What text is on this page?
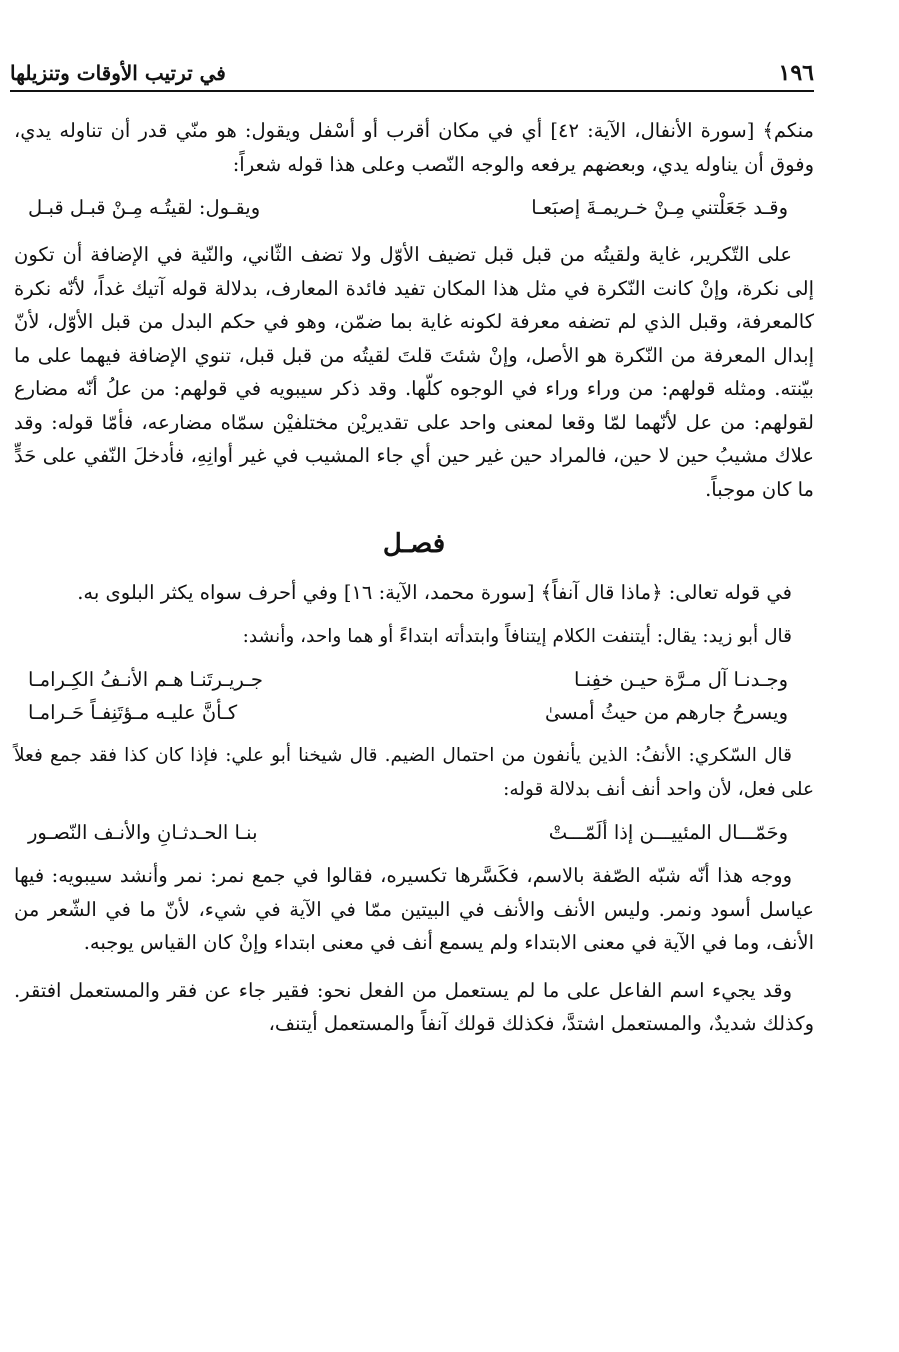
١٩٦
في ترتيب الأوقات وتنزيلها

منكم﴾ [سورة الأنفال، الآية: ٤٢] أي في مكان أقرب أو أسْفل ويقول: هو منّي قدر أن تناوله يدي، وفوق أن يناوله يدي، وبعضهم يرفعه والوجه النّصب وعلى هذا قوله شعراً:

وقـد جَعَلْتني مِـنْ خـريمـةَ إصبَعـا
ويقـول: لقيتُـه مِـنْ قبـل قبـل

على التّكرير، غاية ولقيتُه من قبل قبل تضيف الأوّل ولا تضف الثّاني، والنّية في الإضافة أن تكون إلى نكرة، وإنْ كانت النّكرة في مثل هذا المكان تفيد فائدة المعارف، بدلالة قوله آتيك غداً، لأنّه نكرة كالمعرفة، وقبل الذي لم تضفه معرفة لكونه غاية بما ضمّن، وهو في حكم البدل من قبل الأوّل، لأنّ إبدال المعرفة من النّكرة هو الأصل، وإنْ شئتَ قلتَ لقيتُه من قبل قبل، تنوي الإضافة فيهما على ما بيّنته. ومثله قولهم: من وراء وراء في الوجوه كلّها. وقد ذكر سيبويه في قولهم: من علُ أنّه مضارع لقولهم: من عل لأنّهما لمّا وقعا لمعنى واحد على تقديريْن مختلفيْن سمّاه مضارعه، فأمّا قوله: وقد علاك مشيبُ حين لا حين، فالمراد حين غير حين أي جاء المشيب في غير أوانِهِ، فأدخلَ النّفي على حَدٍّ ما كان موجباً.

فصـل

في قوله تعالى: ﴿ماذا قال آنفاً﴾ [سورة محمد، الآية: ١٦] وفي أحرف سواه يكثر البلوى به.

قال أبو زيد: يقال: أيتنفت الكلام إيتنافاً وابتدأته ابتداءً أو هما واحد، وأنشد:

وجـدنـا آل مـرَّة حيـن خفِنـا
جـريـرتَنـا هـم الأنـفُ الكِـرامـا
ويسرحُ جارهم من حيثُ أمسىٰ
كـأنَّ عليـه مـؤتَنِفـاً حَـرامـا

قال السّكري: الأنفُ: الذين يأنفون من احتمال الضيم. قال شيخنا أبو علي: فإذا كان كذا فقد جمع فعلاً على فعل، لأن واحد أنف أنف بدلالة قوله:

وحَمّـــال المئييـــن إذا ألَمّـــتْ
بنـا الحـدثـانِ والأنـف النّصـور

ووجه هذا أنّه شبّه الصّفة بالاسم، فكَسَّرها تكسيره، فقالوا في جمع نمر: نمر وأنشد سيبويه: فيها عياسل أسود ونمر. وليس الأنف والأنف في البيتين ممّا في الآية في شيء، لأنّ ما في الشّعر من الأنف، وما في الآية في معنى الابتداء ولم يسمع أنف في معنى ابتداء وإنْ كان القياس يوجبه.

وقد يجيء اسم الفاعل على ما لم يستعمل من الفعل نحو: فقير جاء عن فقر والمستعمل افتقر. وكذلك شديدٌ، والمستعمل اشتدَّ، فكذلك قولك آنفاً والمستعمل أيتنف،
